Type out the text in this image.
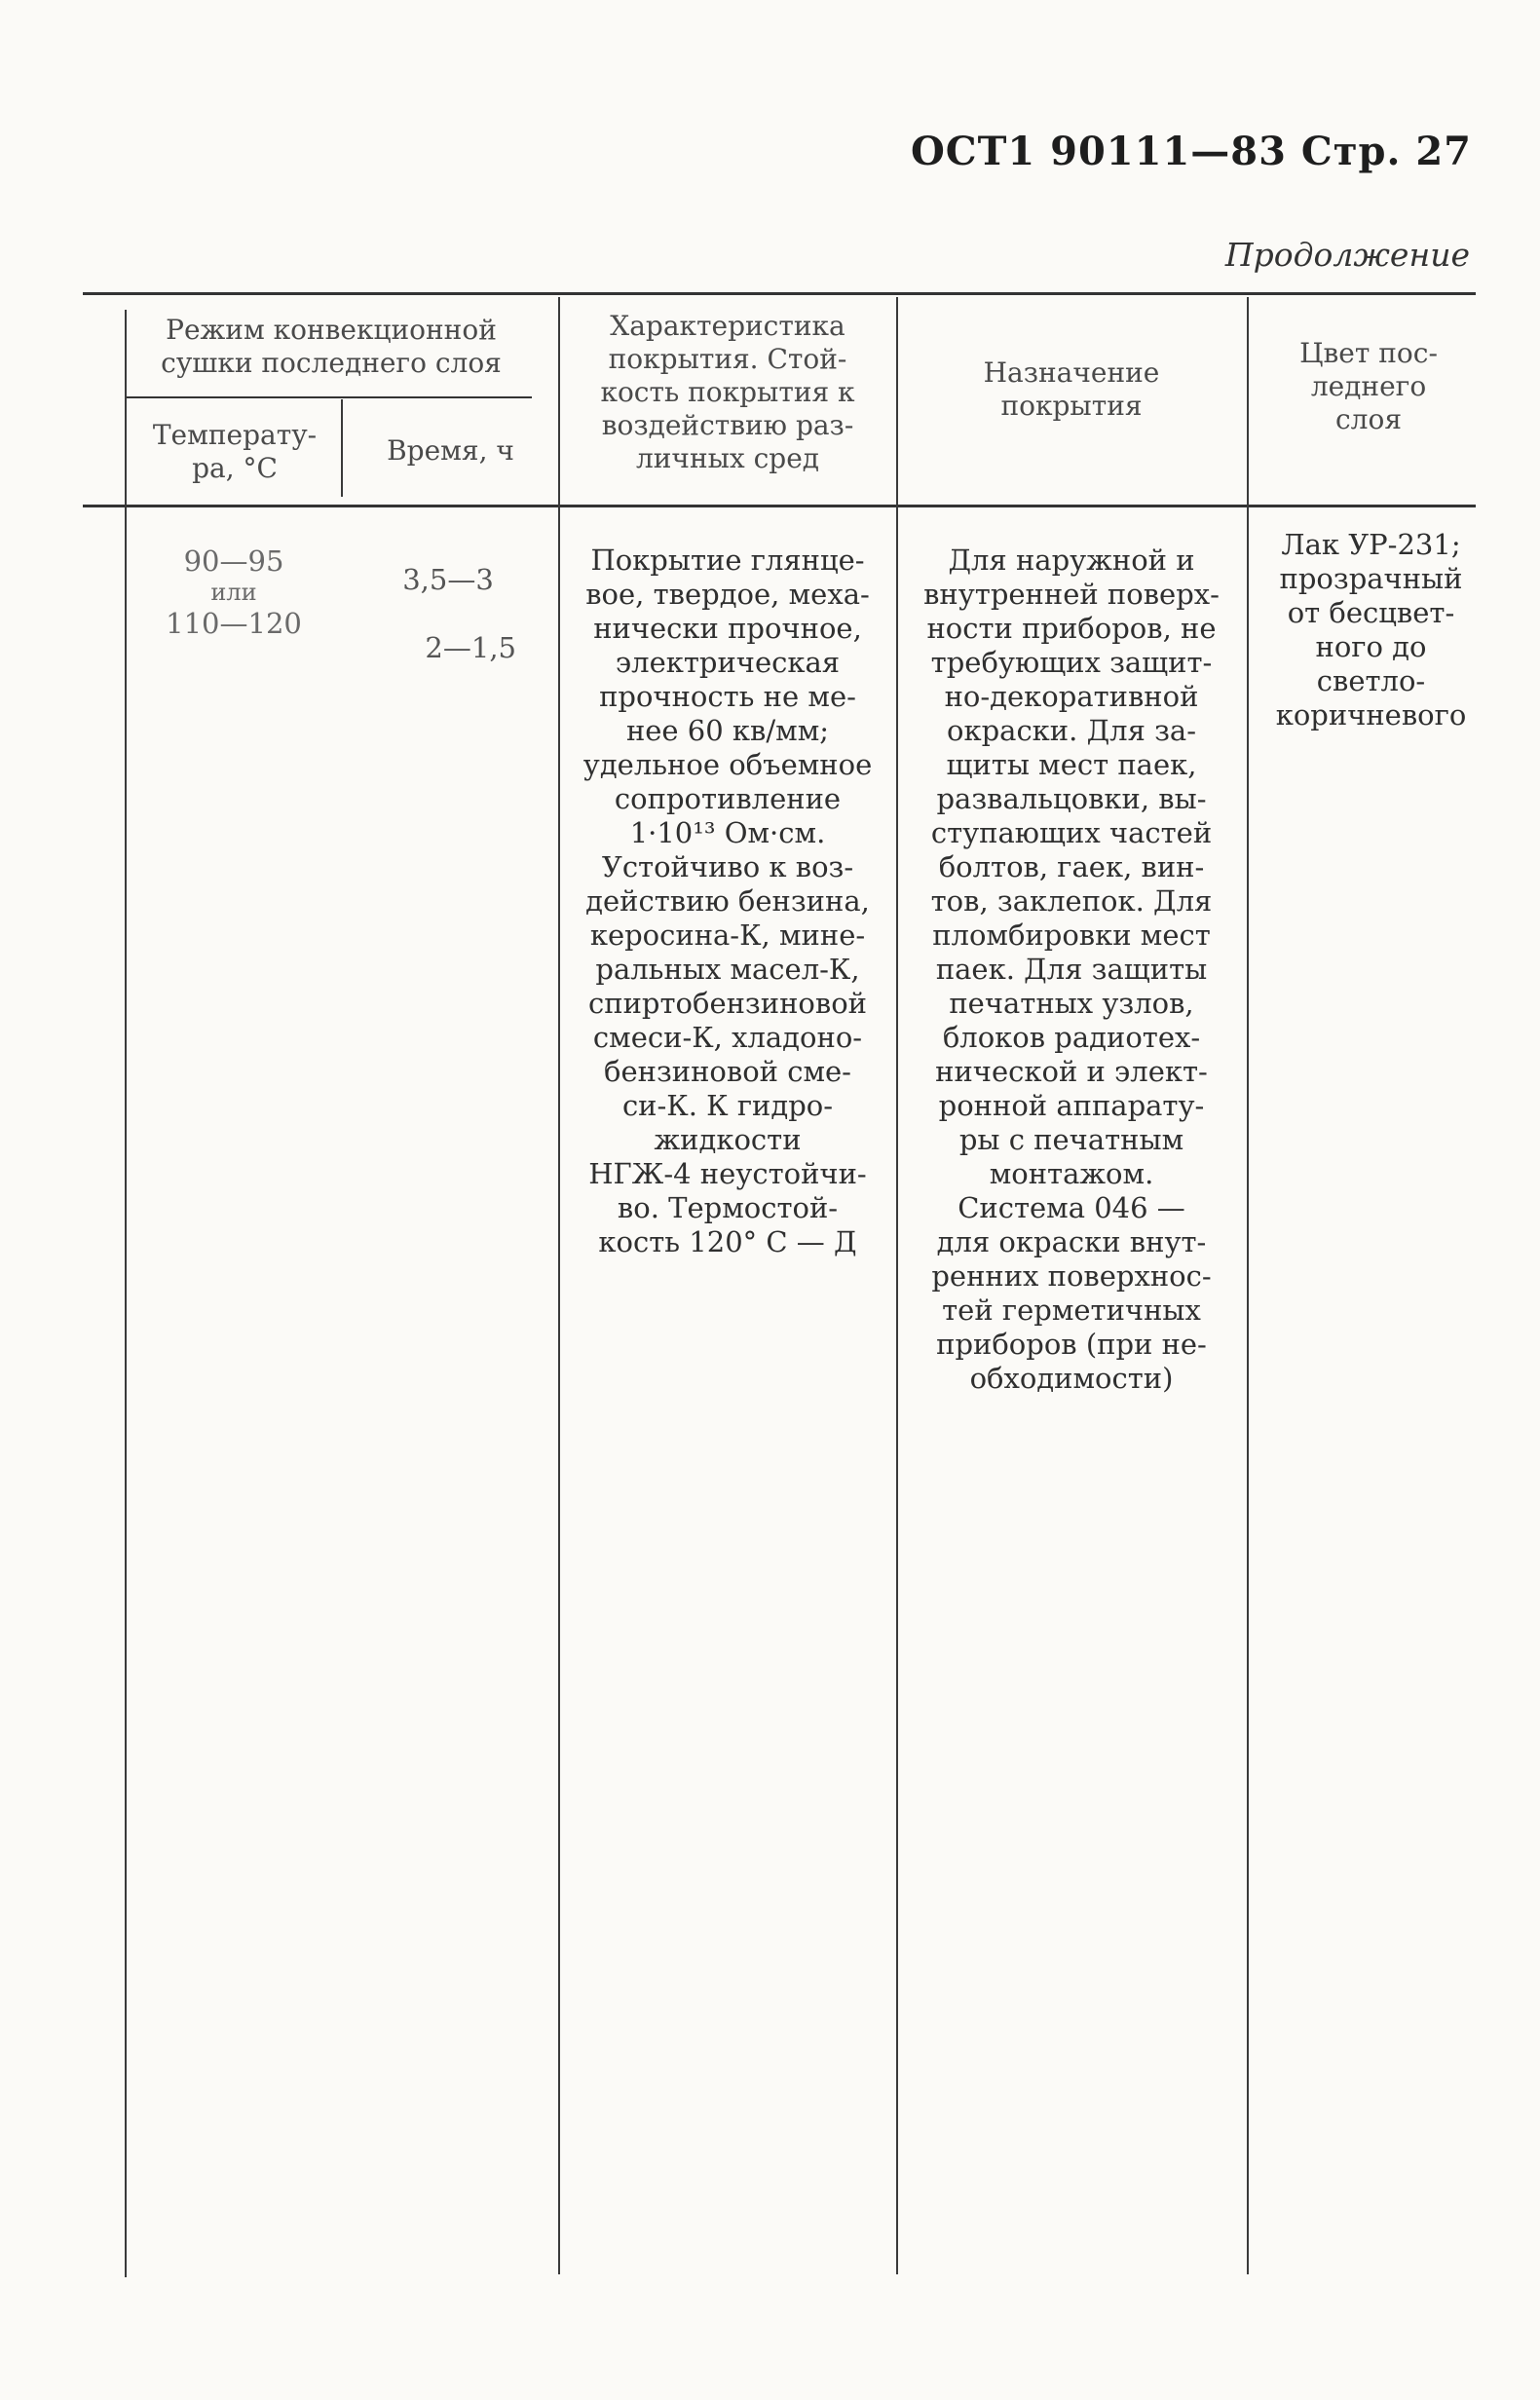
ОСТ1 90111—83 Стр. 27
Продолжение
Режим конвекционной
сушки последнего слоя
Температу-
ра, °С
Время, ч
Характеристика
покрытия. Стой-
кость покрытия к
воздействию раз-
личных сред
Назначение
покрытия
Цвет пос-
леднего
слоя
90—95
или
110—120
3,5—3
2—1,5
Покрытие глянце-
вое, твердое, меха-
нически прочное,
электрическая
прочность не ме-
нее 60 кв/мм;
удельное объемное
сопротивление
1·10¹³ Ом·см.
Устойчиво к воз-
действию бензина,
керосина-К, мине-
ральных масел-К,
спиртобензиновой
смеси-К, хладоно-
бензиновой сме-
си-К. К гидро-
жидкости
НГЖ-4 неустойчи-
во. Термостой-
кость 120° С — Д
Для наружной и
внутренней поверх-
ности приборов, не
требующих защит-
но-декоративной
окраски. Для за-
щиты мест паек,
развальцовки, вы-
ступающих частей
болтов, гаек, вин-
тов, заклепок. Для
пломбировки мест
паек. Для защиты
печатных узлов,
блоков радиотех-
нической и элект-
ронной аппарату-
ры с печатным
монтажом.
Система 046 —
для окраски внут-
ренних поверхнос-
тей герметичных
приборов (при не-
обходимости)
Лак УР-231;
прозрачный
от бесцвет-
ного до
светло-
коричневого
